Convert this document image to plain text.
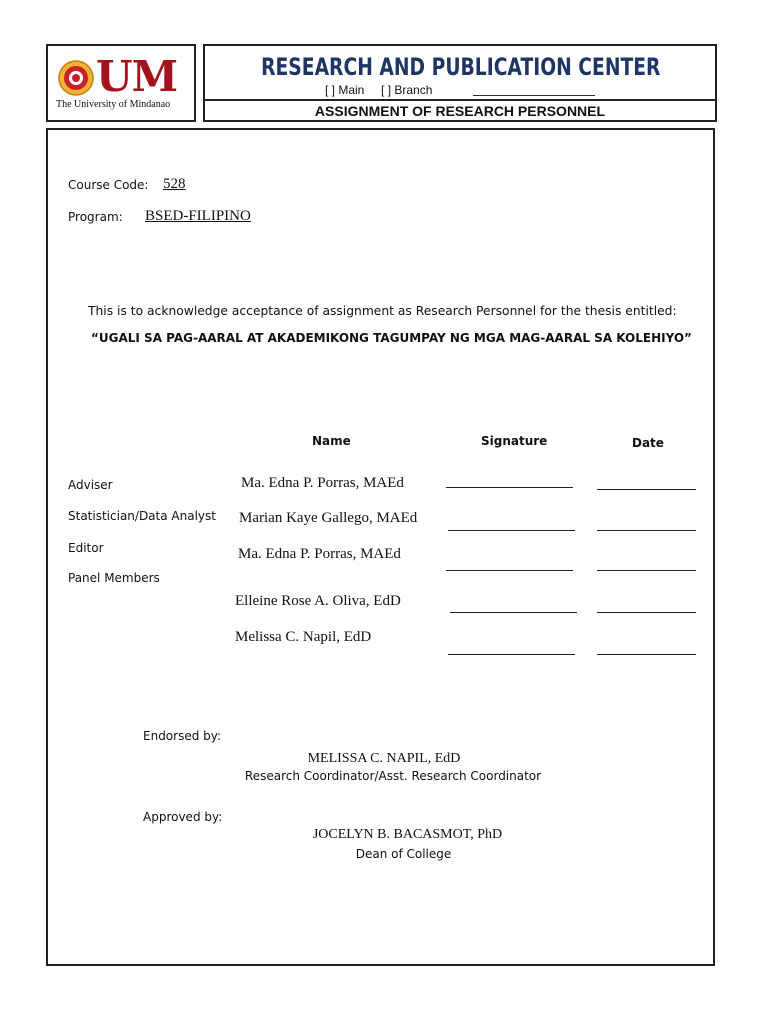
UM
The University of Mindanao
RESEARCH AND PUBLICATION CENTER
[ ] Main [ ] Branch
ASSIGNMENT OF RESEARCH PERSONNEL
Course Code: 528
Program: BSED-FILIPINO
This is to acknowledge acceptance of assignment as Research Personnel for the thesis entitled:
“UGALI SA PAG-AARAL AT AKADEMIKONG TAGUMPAY NG MGA MAG-AARAL SA KOLEHIYO”
Name	Signature	Date
Adviser
Statistician/Data Analyst
Editor
Panel Members
Ma. Edna P. Porras, MAEd
Marian Kaye Gallego, MAEd
Ma. Edna P. Porras, MAEd
Elleine Rose A. Oliva, EdD
Melissa C. Napil, EdD
Endorsed by:
MELISSA C. NAPIL, EdD
Research Coordinator/Asst. Research Coordinator
Approved by:
JOCELYN B. BACASMOT, PhD
Dean of College
